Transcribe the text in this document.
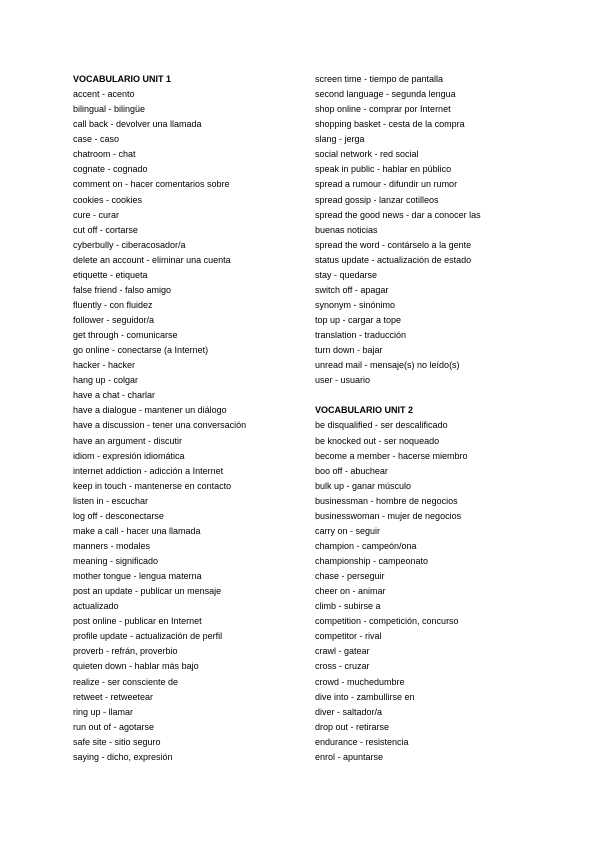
VOCABULARIO UNIT 1
accent - acento
bilingual - bilingüe
call back - devolver una llamada
case - caso
chatroom - chat
cognate - cognado
comment on - hacer comentarios sobre
cookies - cookies
cure - curar
cut off - cortarse
cyberbully - ciberacosador/a
delete an account - eliminar una cuenta
etiquette - etiqueta
false friend - falso amigo
fluently - con fluidez
follower - seguidor/a
get through - comunicarse
go online - conectarse (a Internet)
hacker - hacker
hang up - colgar
have a chat - charlar
have a dialogue - mantener un diálogo
have a discussion - tener una conversación
have an argument - discutir
idiom - expresión idiomática
internet addiction - adicción a Internet
keep in touch - mantenerse en contacto
listen in - escuchar
log off - desconectarse
make a call - hacer una llamada
manners - modales
meaning - significado
mother tongue - lengua materna
post an update - publicar un mensaje
actualizado
post online - publicar en Internet
profile update - actualización de perfil
proverb - refrán, proverbio
quieten down - hablar más bajo
realize - ser consciente de
retweet - retweetear
ring up - llamar
run out of - agotarse
safe site - sitio seguro
saying - dicho, expresión
screen time - tiempo de pantalla
second language - segunda lengua
shop online - comprar por Internet
shopping basket - cesta de la compra
slang - jerga
social network - red social
speak in public - hablar en público
spread a rumour - difundir un rumor
spread gossip - lanzar cotilleos
spread the good news - dar a conocer las
buenas noticias
spread the word - contárselo a la gente
status update - actualización de estado
stay - quedarse
switch off - apagar
synonym - sinónimo
top up - cargar a tope
translation - traducción
turn down - bajar
unread mail - mensaje(s) no leído(s)
user - usuario
VOCABULARIO UNIT 2
be disqualified - ser descalificado
be knocked out - ser noqueado
become a member - hacerse miembro
boo off - abuchear
bulk up - ganar músculo
businessman - hombre de negocios
businesswoman - mujer de negocios
carry on - seguir
champion - campeón/ona
championship - campeonato
chase - perseguir
cheer on - animar
climb - subirse a
competition - competición, concurso
competitor - rival
crawl - gatear
cross - cruzar
crowd - muchedumbre
dive into - zambullirse en
diver - saltador/a
drop out - retirarse
endurance - resistencia
enrol - apuntarse
